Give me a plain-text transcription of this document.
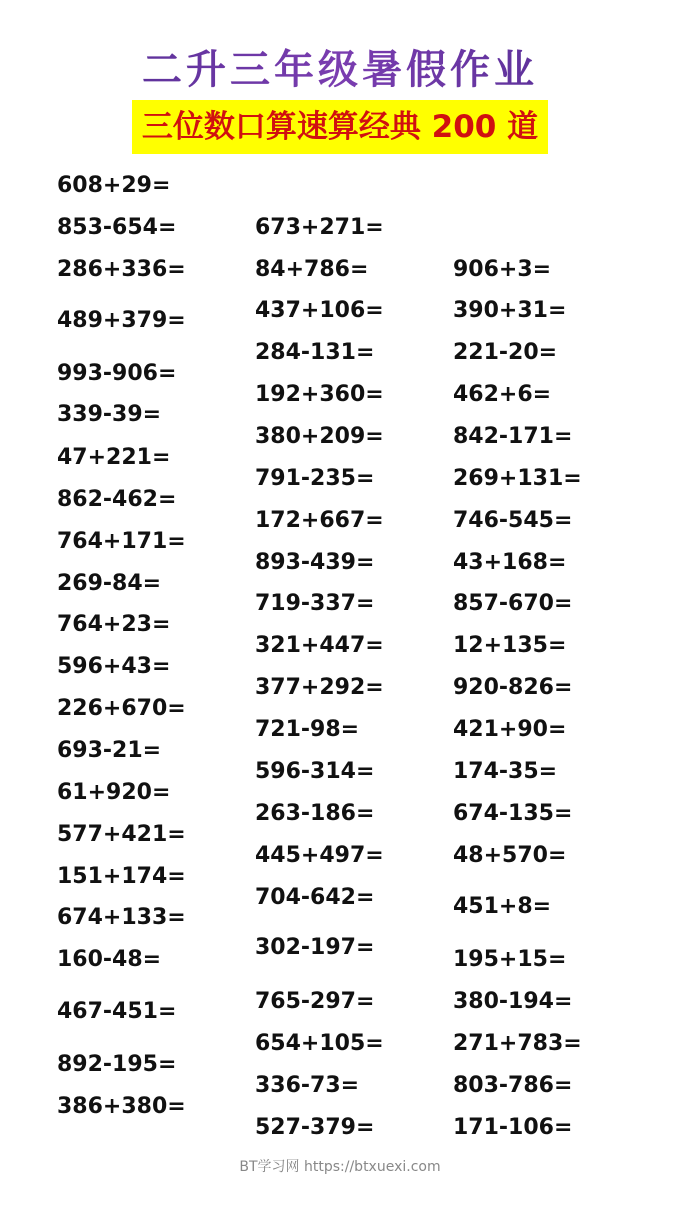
二升三年级暑假作业
三位数口算速算经典 200 道
608+29=
853-654=
286+336=
489+379=
993-906=
339-39=
47+221=
862-462=
764+171=
269-84=
764+23=
596+43=
226+670=
693-21=
61+920=
577+421=
151+174=
674+133=
160-48=
467-451=
892-195=
386+380=
673+271=
84+786=
437+106=
284-131=
192+360=
380+209=
791-235=
172+667=
893-439=
719-337=
321+447=
377+292=
721-98=
596-314=
263-186=
445+497=
704-642=
302-197=
765-297=
654+105=
336-73=
527-379=
906+3=
390+31=
221-20=
462+6=
842-171=
269+131=
746-545=
43+168=
857-670=
12+135=
920-826=
421+90=
174-35=
674-135=
48+570=
451+8=
195+15=
380-194=
271+783=
803-786=
171-106=
BT学习网 https://btxuexi.com
